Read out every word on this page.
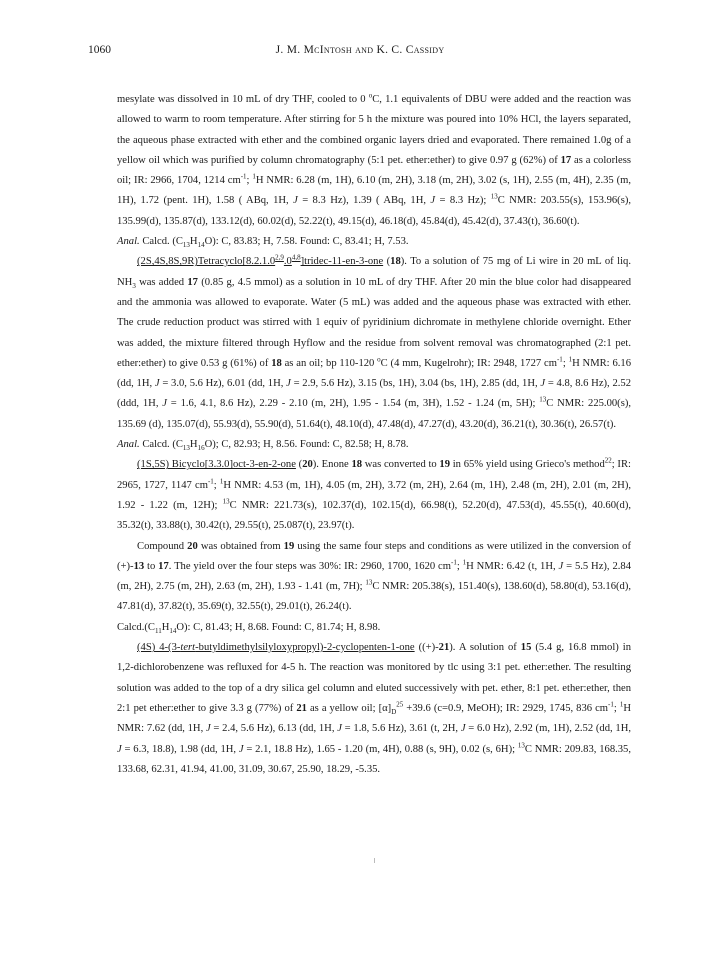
1060	J. M. McIntosh and K. C. Cassidy

mesylate was dissolved in 10 mL of dry THF, cooled to 0 $^o$C, 1.1 equivalents of DBU were added and the reaction was allowed to warm to room temperature. After stirring for 5 h the mixture was poured into 10% HCl, the layers separated, the aqueous phase extracted with ether and the combined organic layers dried and evaporated. There remained 1.0g of a yellow oil which was purified by column chromatography (5:1 pet. ether:ether) to give 0.97 g (62%) of 17 as a colorless oil; IR: 2966, 1704, 1214 $cm^{-1}$; $^1$H NMR: 6.28 (m, 1H), 6.10 (m, 2H), 3.18 (m, 2H), 3.02 (s, 1H), 2.55 (m, 4H), 2.35 (m, 1H), 1.72 (pent. 1H), 1.58 ( ABq, 1H, J = 8.3 Hz), 1.39 ( ABq, 1H, J = 8.3 Hz); $^{13}$C NMR: 203.55(s), 153.96(s), 135.99(d), 135.87(d), 133.12(d), 60.02(d), 52.22(t), 49.15(d), 46.18(d), 45.84(d), 45.42(d), 37.43(t), 36.60(t).

Anal. Calcd. $(C_{13}H_{14}O)$: C, 83.83; H, 7.58. Found: C, 83.41; H, 7.53.

(2S,4S,8S,9R)Tetracyclo[8.2.1.0$^{2,9}$.0$^{4,8}$]tridec-11-en-3-one (18). To a solution of 75 mg of Li wire in 20 mL of liq. $NH_3$ was added 17 (0.85 g, 4.5 mmol) as a solution in 10 mL of dry THF. After 20 min the blue color had disappeared and the ammonia was allowed to evaporate. Water (5 mL) was added and the aqueous phase was extracted with ether. The crude reduction product was stirred with 1 equiv of pyridinium dichromate in methylene chloride overnight. Ether was added, the mixture filtered through Hyflow and the residue from solvent removal was chromatographed (2:1 pet. ether:ether) to give 0.53 g (61%) of 18 as an oil; bp 110-120 $^o$C (4 mm, Kugelrohr); IR: 2948, 1727 $cm^{-1}$; $^1$H NMR: 6.16 (dd, 1H, J = 3.0, 5.6 Hz), 6.01 (dd, 1H, J = 2.9, 5.6 Hz), 3.15 (bs, 1H), 3.04 (bs, 1H), 2.85 (dd, 1H, J = 4.8, 8.6 Hz), 2.52 (ddd, 1H, J = 1.6, 4.1, 8.6 Hz), 2.29 - 2.10 (m, 2H), 1.95 - 1.54 (m, 3H), 1.52 - 1.24 (m, 5H); $^{13}$C NMR: 225.00(s), 135.69 (d), 135.07(d), 55.93(d), 55.90(d), 51.64(t), 48.10(d), 47.48(d), 47.27(d), 43.20(d), 36.21(t), 30.36(t), 26.57(t).

Anal. Calcd. $(C_{13}H_{16}O)$; C, 82.93; H, 8.56. Found: C, 82.58; H, 8.78.

(1S,5S) Bicyclo[3.3.0]oct-3-en-2-one (20). Enone 18 was converted to 19 in 65% yield using Grieco's method$^{22}$; IR: 2965, 1727, 1147 $cm^{-1}$; $^1$H NMR: 4.53 (m, 1H), 4.05 (m, 2H), 3.72 (m, 2H), 2.64 (m, 1H), 2.48 (m, 2H), 2.01 (m, 2H), 1.92 - 1.22 (m, 12H); $^{13}$C NMR: 221.73(s), 102.37(d), 102.15(d), 66.98(t), 52.20(d), 47.53(d), 45.55(t), 40.60(d), 35.32(t), 33.88(t), 30.42(t), 29.55(t), 25.087(t), 23.97(t).

Compound 20 was obtained from 19 using the same four steps and conditions as were utilized in the conversion of (+)-13 to 17. The yield over the four steps was 30%: IR: 2960, 1700, 1620 $cm^{-1}$; $^1$H NMR: 6.42 (t, 1H, J = 5.5 Hz), 2.84 (m, 2H), 2.75 (m, 2H), 2.63 (m, 2H), 1.93 - 1.41 (m, 7H); $^{13}$C NMR: 205.38(s), 151.40(s), 138.60(d), 58.80(d), 53.16(d), 47.81(d), 37.82(t), 35.69(t), 32.55(t), 29.01(t), 26.24(t).

$Calcd.(C_{11}H_{14}O)$: C, 81.43; H, 8.68. Found: C, 81.74; H, 8.98.

(4S) 4-(3-tert-butyldimethylsilyloxypropyl)-2-cyclopenten-1-one ((+)-21). A solution of 15 (5.4 g, 16.8 mmol) in 1,2-dichlorobenzene was refluxed for 4-5 h. The reaction was monitored by tlc using 3:1 pet. ether:ether. The resulting solution was added to the top of a dry silica gel column and eluted successively with pet. ether, 8:1 pet. ether:ether, then 2:1 pet ether:ether to give 3.3 g (77%) of 21 as a yellow oil; $[\alpha]_D^{25} +39.6$ (c=0.9, MeOH); IR: 2929, 1745, 836 $cm^{-1}$; $^1$H NMR: 7.62 (dd, 1H, J = 2.4, 5.6 Hz), 6.13 (dd, 1H, J = 1.8, 5.6 Hz), 3.61 (t, 2H, J = 6.0 Hz), 2.92 (m, 1H), 2.52 (dd, 1H, J = 6.3, 18.8), 1.98 (dd, 1H, J = 2.1, 18.8 Hz), 1.65 - 1.20 (m, 4H), 0.88 (s, 9H), 0.02 (s, 6H); $^{13}$C NMR: 209.83, 168.35, 133.68, 62.31, 41.94, 41.00, 31.09, 30.67, 25.90, 18.29, -5.35.
